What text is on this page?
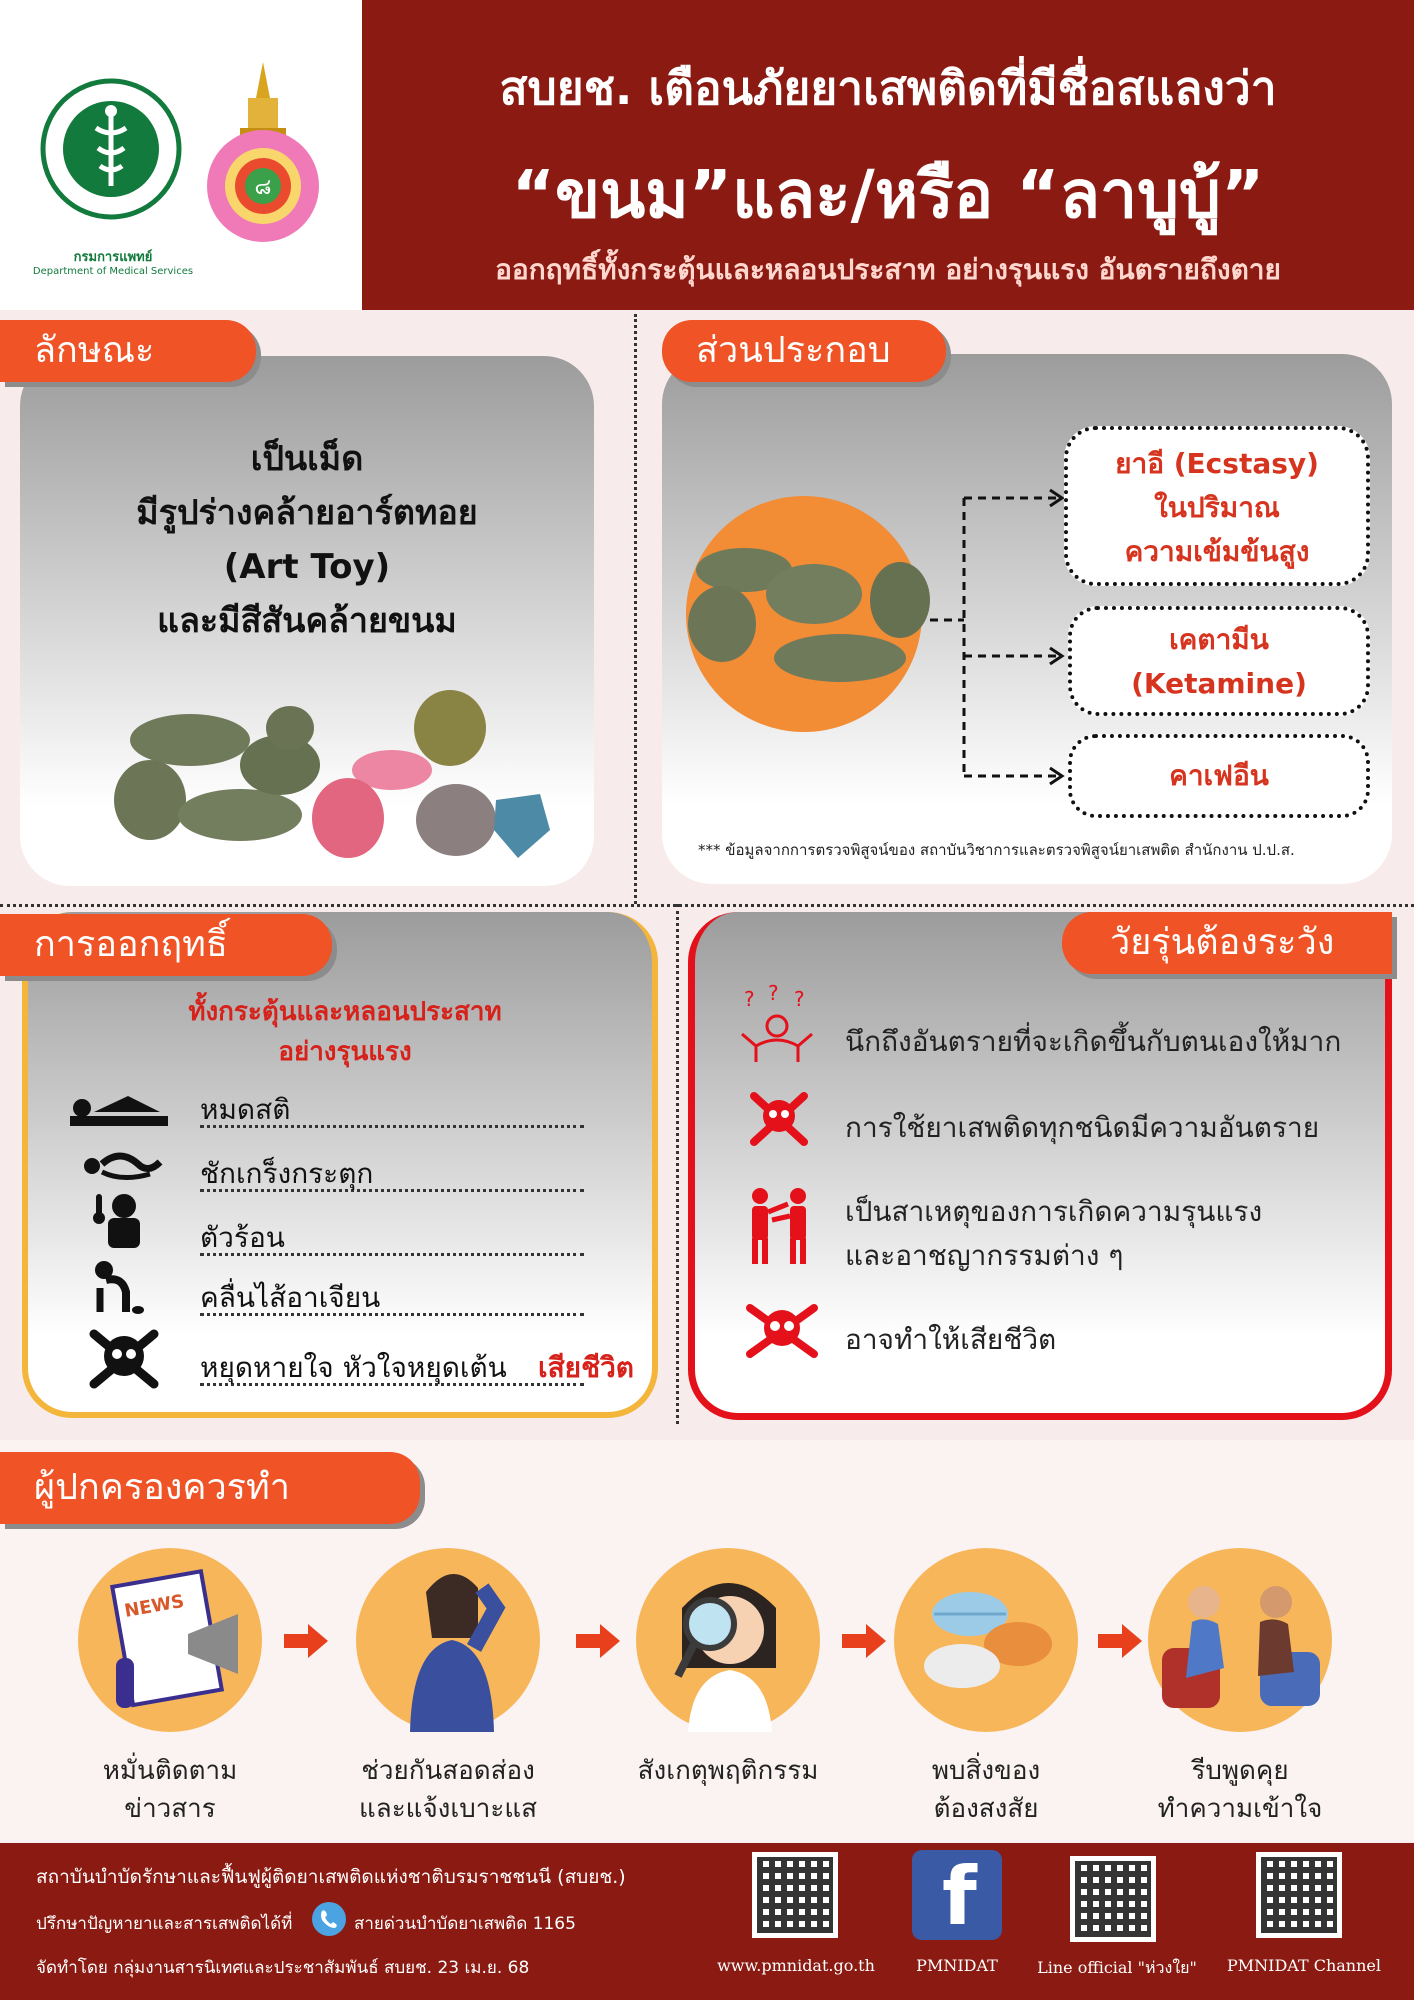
กรมการแพทย์
Department of Medical Services
๘
สบยช. เตือนภัยยาเสพติดที่มีชื่อสแลงว่า
“ขนม”และ/หรือ “ลาบูบู้”
ออกฤทธิ์ทั้งกระตุ้นและหลอนประสาท อย่างรุนแรง อันตรายถึงตาย
ลักษณะ
เป็นเม็ด
มีรูปร่างคล้ายอาร์ตทอย
(Art Toy)
และมีสีสันคล้ายขนม
ส่วนประกอบ
ยาอี (Ecstasy)
ในปริมาณ
ความเข้มข้นสูง
เคตามีน
(Ketamine)
คาเฟอีน
*** ข้อมูลจากการตรวจพิสูจน์ของ สถาบันวิชาการและตรวจพิสูจน์ยาเสพติด สำนักงาน ป.ป.ส.
การออกฤทธิ์
ทั้งกระตุ้นและหลอนประสาท
อย่างรุนแรง
หมดสติ
ชักเกร็งกระตุก
ตัวร้อน
คลื่นไส้อาเจียน
หยุดหายใจ หัวใจหยุดเต้น เสียชีวิต
วัยรุ่นต้องระวัง
? ? ?
นึกถึงอันตรายที่จะเกิดขึ้นกับตนเองให้มาก
การใช้ยาเสพติดทุกชนิดมีความอันตราย
เป็นสาเหตุของการเกิดความรุนแรง
และอาชญากรรมต่าง ๆ
อาจทำให้เสียชีวิต
ผู้ปกครองควรทำ
NEWS
หมั่นติดตาม
ข่าวสาร
ช่วยกันสอดส่อง
และแจ้งเบาะแส
สังเกตุพฤติกรรม	พบสิ่งของ
ต้องสงสัย
รีบพูดคุย
ทำความเข้าใจ
สถาบันบำบัดรักษาและฟื้นฟูผู้ติดยาเสพติดแห่งชาติบรมราชชนนี (สบยช.)
ปรึกษาปัญหายาและสารเสพติดได้ที่	สายด่วนบำบัดยาเสพติด 1165
จัดทำโดย กลุ่มงานสารนิเทศและประชาสัมพันธ์ สบยช. 23 เม.ย. 68	www.pmnidat.go.th
f
PMNIDAT	Line official "ห่วงใย"	PMNIDAT Channel
